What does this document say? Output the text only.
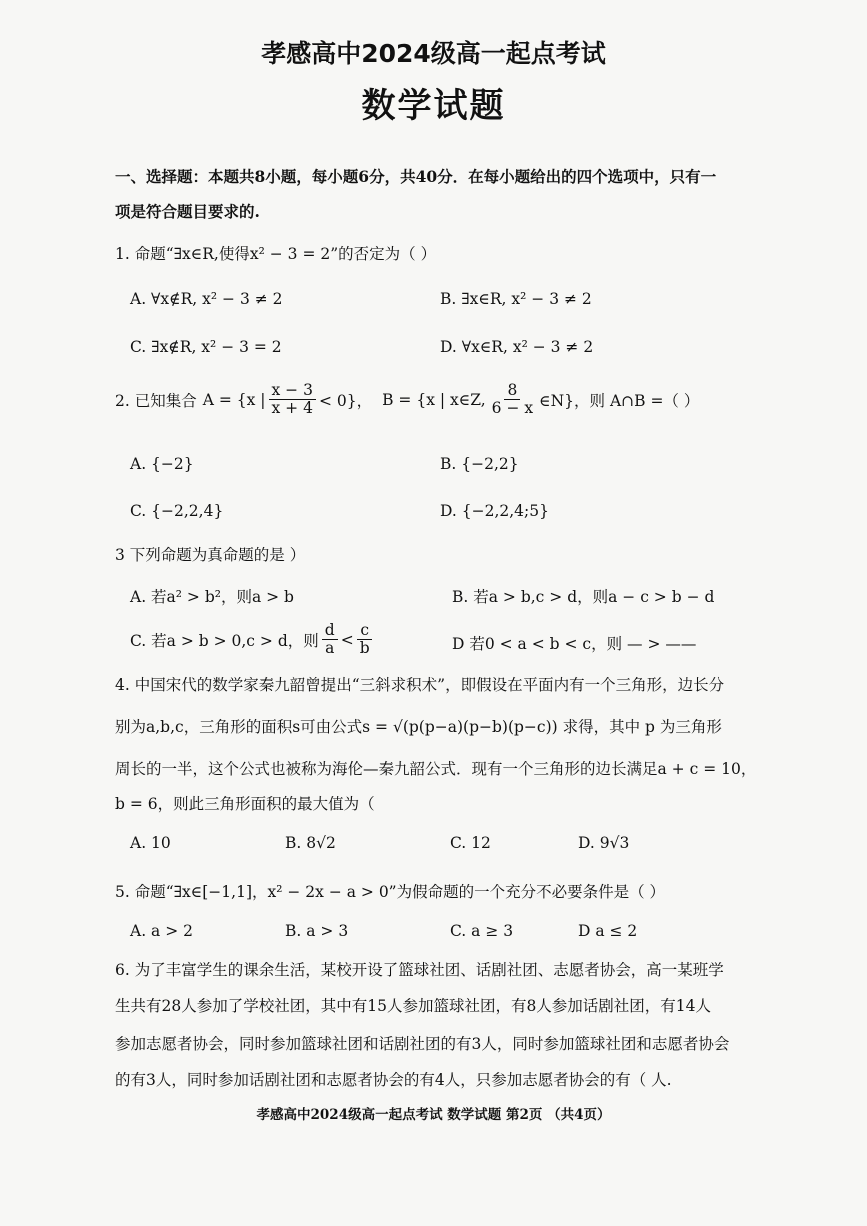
孝感高中2024级高一起点考试
数学试题
一、选择题：本题共8小题，每小题6分，共40分．在每小题给出的四个选项中，只有一
项是符合题目要求的.
1. 命题“∃x∈R,使得x² − 3 = 2”的否定为（ ）
A. ∀x∉R, x² − 3 ≠ 2	B. ∃x∈R, x² − 3 ≠ 2
C. ∃x∉R, x² − 3 = 2	D. ∀x∈R, x² − 3 ≠ 2
2. 已知集合 A = {x | $\frac{x - 3}{x + 4} < 0$}， B = {x | x∈Z, $\frac{8}{6 - x}$ ∈N}，则 A∩B =（ ）
A. {−2}	B. {−2,2}
C. {−2,2,4}	D. {−2,2,4;5}
3 下列命题为真命题的是 ）
A. 若a² > b²，则a > b	B. 若a > b,c > d，则a − c > b − d
C. 若a > b > 0,c > d，则 $\frac{d}{a} < \frac{c}{b}$	D 若0 < a < b < c，则 — > ——
4. 中国宋代的数学家秦九韶曾提出“三斜求积术”，即假设在平面内有一个三角形，边长分
别为a,b,c，三角形的面积s可由公式s = √(p(p−a)(p−b)(p−c)) 求得，其中 p 为三角形
周长的一半，这个公式也被称为海伦—秦九韶公式．现有一个三角形的边长满足a + c = 10，
b = 6，则此三角形面积的最大值为（
A. 10	B. 8√2	C. 12	D. 9√3
5. 命题“∃x∈[−1,1]，x² − 2x − a > 0”为假命题的一个充分不必要条件是（ ）
A. a > 2	B. a > 3	C. a ≥ 3	D a ≤ 2
6. 为了丰富学生的课余生活，某校开设了篮球社团、话剧社团、志愿者协会，高一某班学
生共有28人参加了学校社团，其中有15人参加篮球社团，有8人参加话剧社团，有14人
参加志愿者协会，同时参加篮球社团和话剧社团的有3人，同时参加篮球社团和志愿者协会
的有3人，同时参加话剧社团和志愿者协会的有4人，只参加志愿者协会的有（ 人.
孝感高中2024级高一起点考试 数学试题 第2页 （共4页）
